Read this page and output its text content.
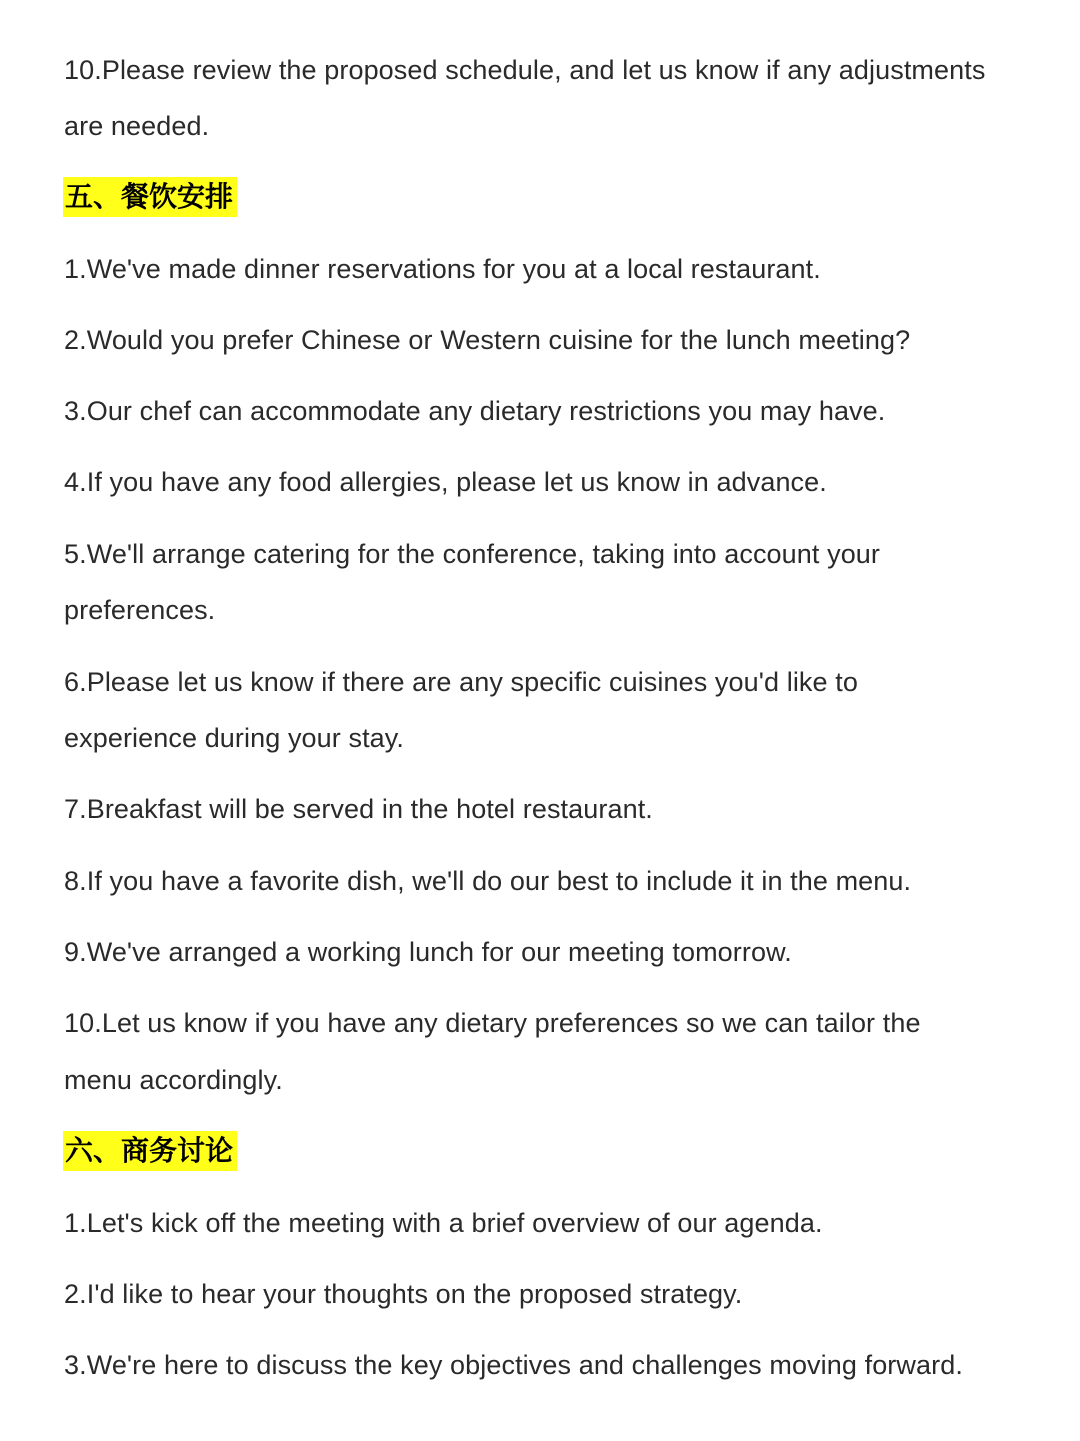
10.Please review the proposed schedule, and let us know if any adjustments
are needed.
五、餐饮安排
1.We've made dinner reservations for you at a local restaurant.
2.Would you prefer Chinese or Western cuisine for the lunch meeting?
3.Our chef can accommodate any dietary restrictions you may have.
4.If you have any food allergies, please let us know in advance.
5.We'll arrange catering for the conference, taking into account your
preferences.
6.Please let us know if there are any specific cuisines you'd like to
experience during your stay.
7.Breakfast will be served in the hotel restaurant.
8.If you have a favorite dish, we'll do our best to include it in the menu.
9.We've arranged a working lunch for our meeting tomorrow.
10.Let us know if you have any dietary preferences so we can tailor the
menu accordingly.
六、商务讨论
1.Let's kick off the meeting with a brief overview of our agenda.
2.I'd like to hear your thoughts on the proposed strategy.
3.We're here to discuss the key objectives and challenges moving forward.
